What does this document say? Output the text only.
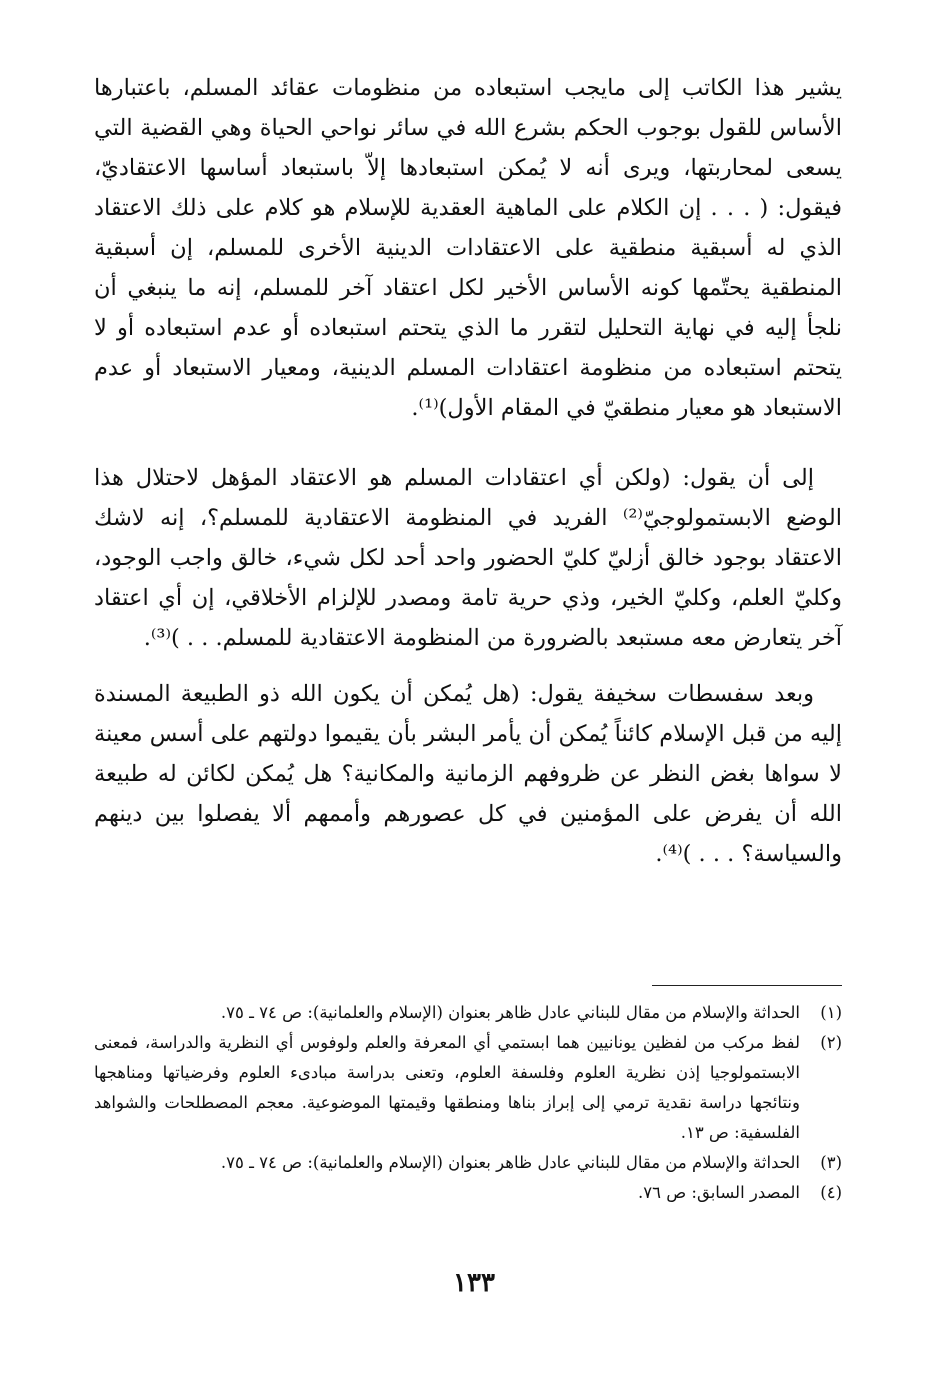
يشير هذا الكاتب إلى مايجب استبعاده من منظومات عقائد المسلم، باعتبارها الأساس للقول بوجوب الحكم بشرع الله في سائر نواحي الحياة وهي القضية التي يسعى لمحاربتها، ويرى أنه لا يُمكن استبعادها إلاّ باستبعاد أساسها الاعتقاديّ، فيقول: ( . . . إن الكلام على الماهية العقدية للإسلام هو كلام على ذلك الاعتقاد الذي له أسبقية منطقية على الاعتقادات الدينية الأخرى للمسلم، إن أسبقية المنطقية يحتّمها كونه الأساس الأخير لكل اعتقاد آخر للمسلم، إنه ما ينبغي أن نلجأ إليه في نهاية التحليل لتقرر ما الذي يتحتم استبعاده أو عدم استبعاده أو لا يتحتم استبعاده من منظومة اعتقادات المسلم الدينية، ومعيار الاستبعاد أو عدم الاستبعاد هو معيار منطقيّ في المقام الأول)⁽¹⁾.

إلى أن يقول: (ولكن أي اعتقادات المسلم هو الاعتقاد المؤهل لاحتلال هذا الوضع الابستمولوجيّ⁽²⁾ الفريد في المنظومة الاعتقادية للمسلم؟، إنه لاشك الاعتقاد بوجود خالق أزليّ كليّ الحضور واحد أحد لكل شيء، خالق واجب الوجود، وكليّ العلم، وكليّ الخير، وذي حرية تامة ومصدر للإلزام الأخلاقي، إن أي اعتقاد آخر يتعارض معه مستبعد بالضرورة من المنظومة الاعتقادية للمسلم. . . )⁽³⁾.

وبعد سفسطات سخيفة يقول: (هل يُمكن أن يكون الله ذو الطبيعة المسندة إليه من قبل الإسلام كائناً يُمكن أن يأمر البشر بأن يقيموا دولتهم على أسس معينة لا سواها بغض النظر عن ظروفهم الزمانية والمكانية؟ هل يُمكن لكائن له طبيعة الله أن يفرض على المؤمنين في كل عصورهم وأممهم ألا يفصلوا بين دينهم والسياسة؟ . . . )⁽⁴⁾.

(١)
الحداثة والإسلام من مقال للبناني عادل ظاهر بعنوان (الإسلام والعلمانية): ص ٧٤ ـ ٧٥.
(٢)
لفظ مركب من لفظين يونانيين هما ابستمي أي المعرفة والعلم ولوفوس أي النظرية والدراسة، فمعنى الابستمولوجيا إذن نظرية العلوم وفلسفة العلوم، وتعنى بدراسة مبادىء العلوم وفرضياتها ومناهجها ونتائجها دراسة نقدية ترمي إلى إبراز بناها ومنطقها وقيمتها الموضوعية. معجم المصطلحات والشواهد الفلسفية: ص ١٣.
(٣)
الحداثة والإسلام من مقال للبناني عادل ظاهر بعنوان (الإسلام والعلمانية): ص ٧٤ ـ ٧٥.
(٤)
المصدر السابق: ص ٧٦.
١٣٣
